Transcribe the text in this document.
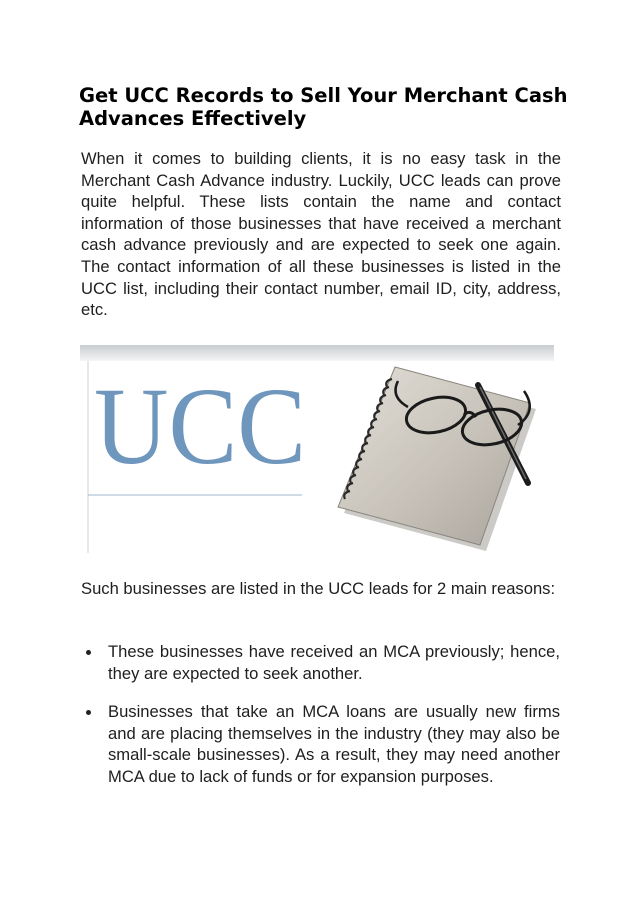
Get UCC Records to Sell Your Merchant Cash Advances Effectively

When it comes to building clients, it is no easy task in the Merchant Cash Advance industry. Luckily, UCC leads can prove quite helpful. These lists contain the name and contact information of those businesses that have received a merchant cash advance previously and are expected to seek one again. The contact information of all these businesses is listed in the UCC list, including their contact number, email ID, city, address, etc.

UCC

Such businesses are listed in the UCC leads for 2 main reasons:

These businesses have received an MCA previously; hence, they are expected to seek another.
Businesses that take an MCA loans are usually new firms and are placing themselves in the industry (they may also be small-scale businesses). As a result, they may need another MCA due to lack of funds or for expansion purposes.
